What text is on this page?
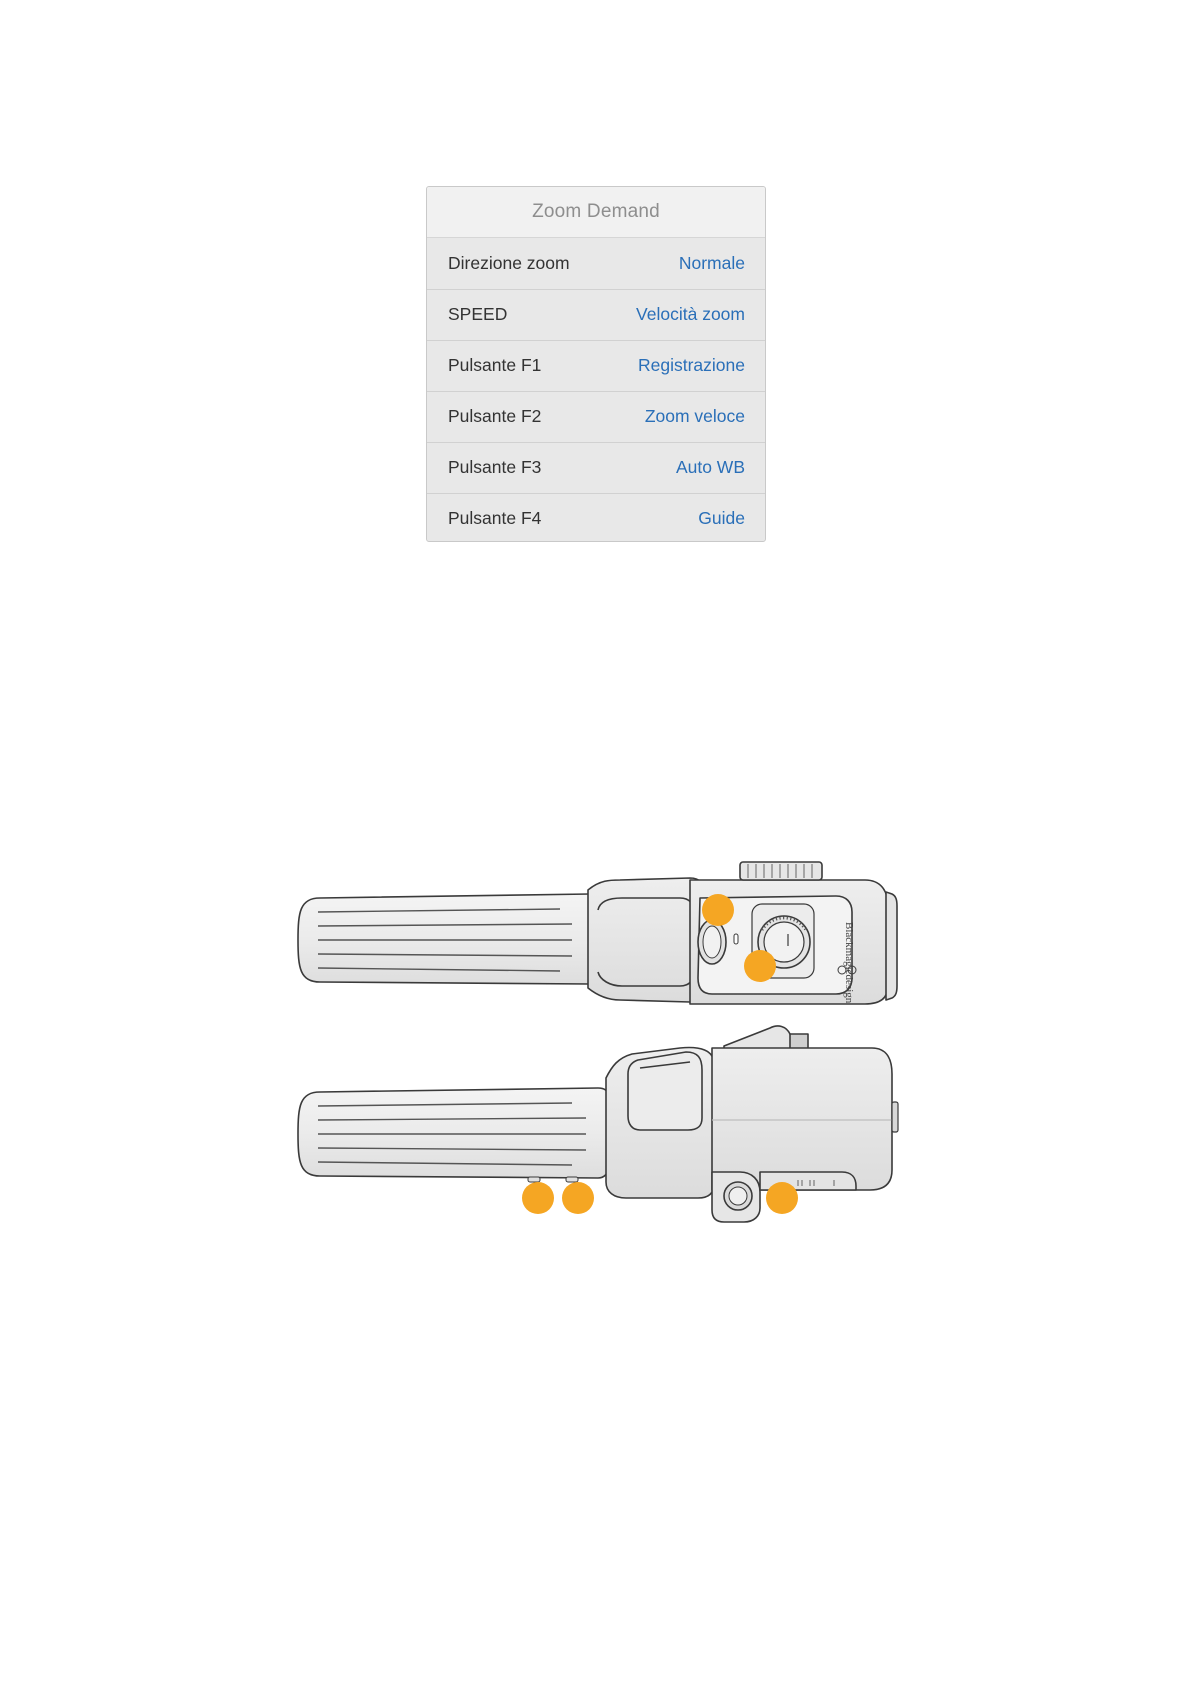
Zoom Demand
Direzione zoom	Normale
SPEED	Velocità zoom
Pulsante F1	Registrazione
Pulsante F2	Zoom veloce
Pulsante F3	Auto WB
Pulsante F4	Guide
Blackmagicdesign
